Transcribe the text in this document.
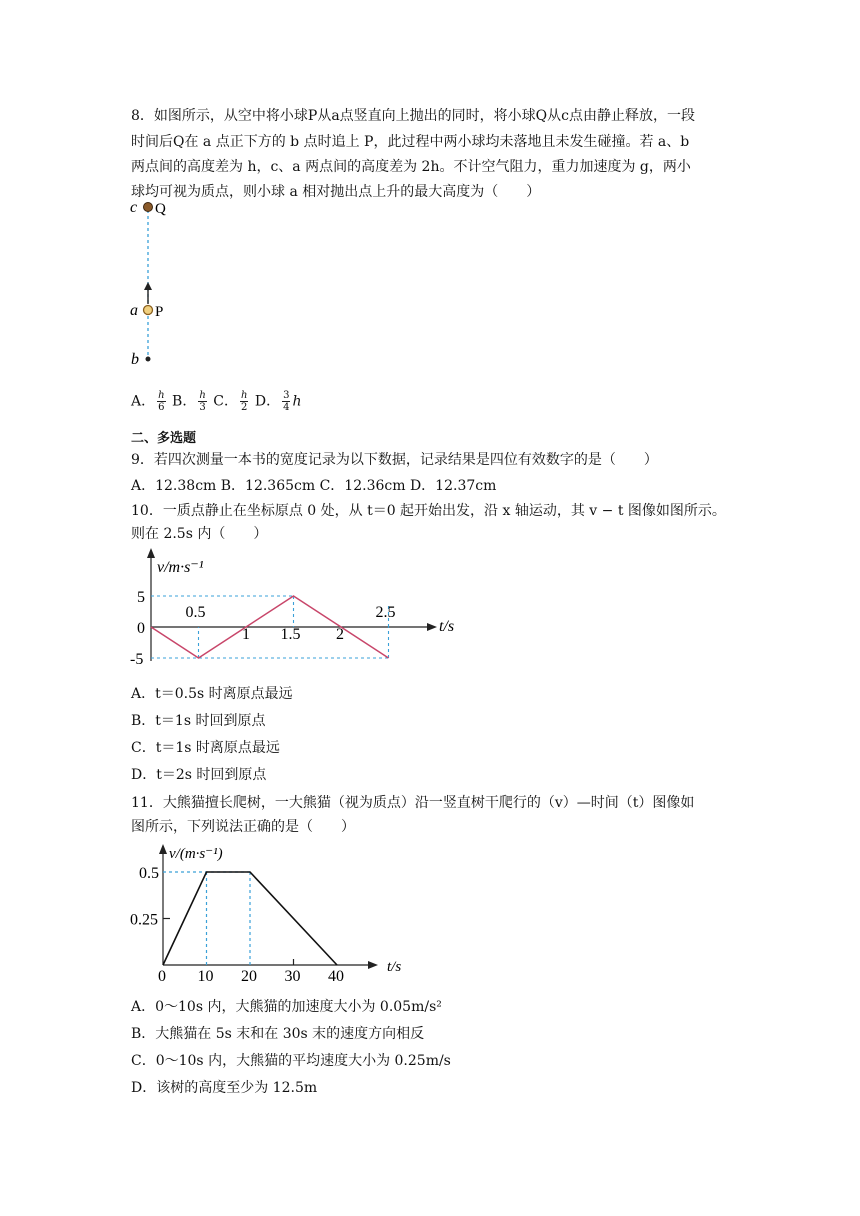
8．如图所示，从空中将小球P从a点竖直向上抛出的同时，将小球Q从c点由静止释放，一段
时间后Q在 a 点正下方的 b 点时追上 P，此过程中两小球均未落地且未发生碰撞。若 a、b
两点间的高度差为 h，c、a 两点间的高度差为 2h。不计空气阻力，重力加速度为 g，两小
球均可视为质点，则小球 a 相对抛出点上升的最大高度为（　　）
c Q
a P
b
A． $\frac{h}{6}$ B． $\frac{h}{3}$ C． $\frac{h}{2}$ D． $\frac{3}{4}$ h
二、多选题
9．若四次测量一本书的宽度记录为以下数据，记录结果是四位有效数字的是（　　）
A．12.38cm B．12.365cm C．12.36cm D．12.37cm
10．一质点静止在坐标原点 0 处，从 t＝0 起开始出发，沿 x 轴运动，其 v − t 图像如图所示。
则在 2.5s 内（　　）
v/m·s⁻¹
t/s
0.5
1 1.5 2
2.5
5
0
-5
A．t＝0.5s 时离原点最远
B．t＝1s 时回到原点
C．t＝1s 时离原点最远
D．t＝2s 时回到原点
11．大熊猫擅长爬树，一大熊猫（视为质点）沿一竖直树干爬行的（v）—时间（t）图像如
图所示，下列说法正确的是（　　）
v/(m·s⁻¹)
t/s
0 10 20 30 40
0.5
0.25
A．0～10s 内，大熊猫的加速度大小为 0.05m/s²
B．大熊猫在 5s 末和在 30s 末的速度方向相反
C．0～10s 内，大熊猫的平均速度大小为 0.25m/s
D．该树的高度至少为 12.5m
